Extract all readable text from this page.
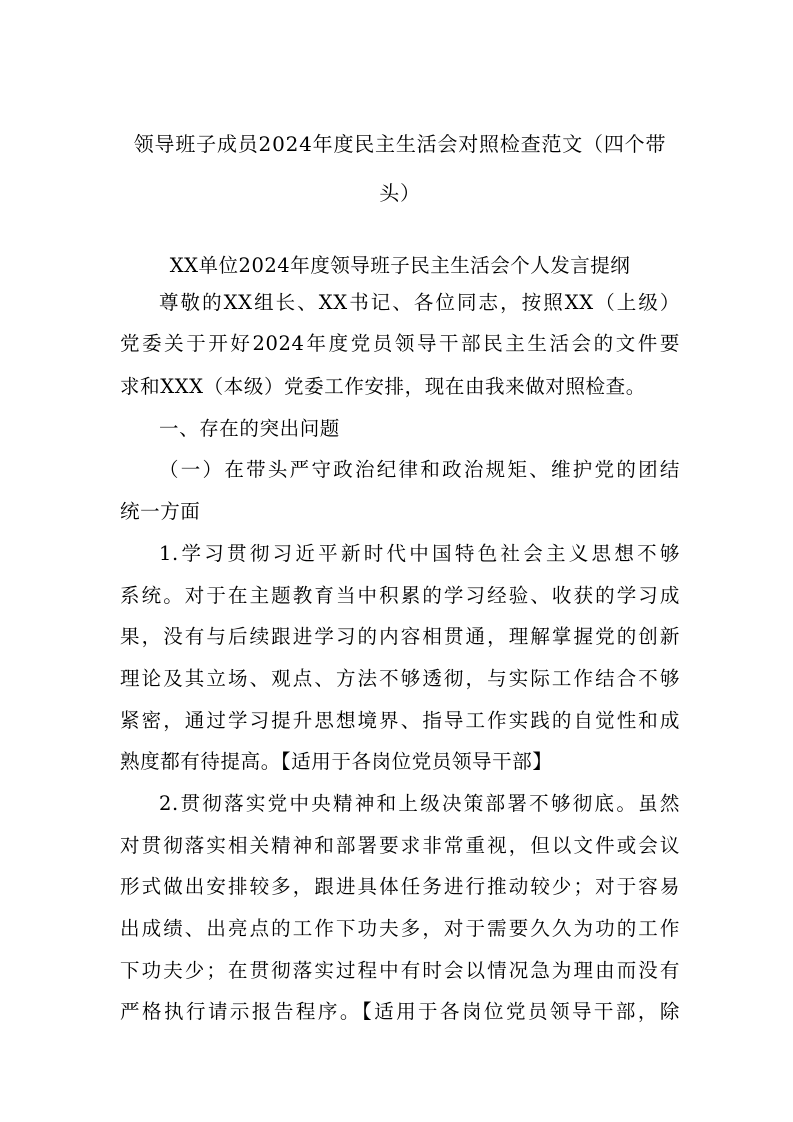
领导班子成员2024年度民主生活会对照检查范文（四个带
头）
XX单位2024年度领导班子民主生活会个人发言提纲
尊敬的XX组长、XX书记、各位同志，按照XX（上级）
党委关于开好2024年度党员领导干部民主生活会的文件要
求和XXX（本级）党委工作安排，现在由我来做对照检查。
一、存在的突出问题
（一）在带头严守政治纪律和政治规矩、维护党的团结
统一方面
1.学习贯彻习近平新时代中国特色社会主义思想不够
系统。对于在主题教育当中积累的学习经验、收获的学习成
果，没有与后续跟进学习的内容相贯通，理解掌握党的创新
理论及其立场、观点、方法不够透彻，与实际工作结合不够
紧密，通过学习提升思想境界、指导工作实践的自觉性和成
熟度都有待提高。【适用于各岗位党员领导干部】
2.贯彻落实党中央精神和上级决策部署不够彻底。虽然
对贯彻落实相关精神和部署要求非常重视，但以文件或会议
形式做出安排较多，跟进具体任务进行推动较少；对于容易
出成绩、出亮点的工作下功夫多，对于需要久久为功的工作
下功夫少；在贯彻落实过程中有时会以情况急为理由而没有
严格执行请示报告程序。【适用于各岗位党员领导干部，除
